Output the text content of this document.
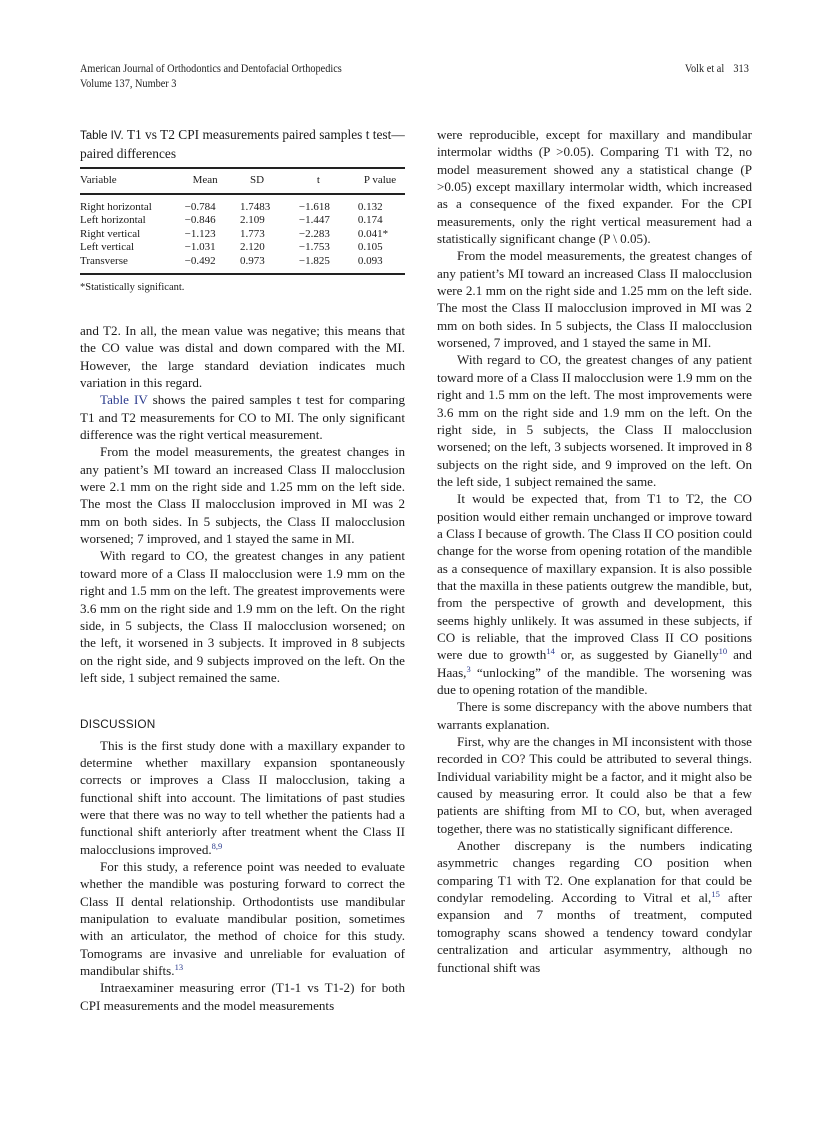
American Journal of Orthodontics and Dentofacial Orthopedics
Volume 137, Number 3
Volk et al 313
Table IV. T1 vs T2 CPI measurements paired samples t test—paired differences
Variable	Mean	SD	t	P value
Right horizontal	−0.784	1.7483	−1.618	0.132
Left horizontal	−0.846	2.109	−1.447	0.174
Right vertical	−1.123	1.773	−2.283	0.041*
Left vertical	−1.031	2.120	−1.753	0.105
Transverse	−0.492	0.973	−1.825	0.093
*Statistically significant.

and T2. In all, the mean value was negative; this means that the CO value was distal and down compared with the MI. However, the large standard deviation indicates much variation in this regard.

Table IV shows the paired samples t test for comparing T1 and T2 measurements for CO to MI. The only significant difference was the right vertical measurement.

From the model measurements, the greatest changes in any patient’s MI toward an increased Class II malocclusion were 2.1 mm on the right side and 1.25 mm on the left side. The most the Class II malocclusion improved in MI was 2 mm on both sides. In 5 subjects, the Class II malocclusion worsened; 7 improved, and 1 stayed the same in MI.

With regard to CO, the greatest changes in any patient toward more of a Class II malocclusion were 1.9 mm on the right and 1.5 mm on the left. The greatest improvements were 3.6 mm on the right side and 1.9 mm on the left. On the right side, in 5 subjects, the Class II malocclusion worsened; on the left, it worsened in 3 subjects. It improved in 8 subjects on the right side, and 9 subjects improved on the left. On the left side, 1 subject remained the same.

DISCUSSION

This is the first study done with a maxillary expander to determine whether maxillary expansion spontaneously corrects or improves a Class II malocclusion, taking a functional shift into account. The limitations of past studies were that there was no way to tell whether the patients had a functional shift anteriorly after treatment whent the Class II malocclusions improved.$^{8,9}$

For this study, a reference point was needed to evaluate whether the mandible was posturing forward to correct the Class II dental relationship. Orthodontists use mandibular manipulation to evaluate mandibular position, sometimes with an articulator, the method of choice for this study. Tomograms are invasive and unreliable for evaluation of mandibular shifts.$^{13}$

Intraexaminer measuring error (T1-1 vs T1-2) for both CPI measurements and the model measurements

were reproducible, except for maxillary and mandibular intermolar widths (P >0.05). Comparing T1 with T2, no model measurement showed any a statistical change (P >0.05) except maxillary intermolar width, which increased as a consequence of the fixed expander. For the CPI measurements, only the right vertical measurement had a statistically significant change (P \ 0.05).

From the model measurements, the greatest changes of any patient’s MI toward an increased Class II malocclusion were 2.1 mm on the right side and 1.25 mm on the left side. The most the Class II malocclusion improved in MI was 2 mm on both sides. In 5 subjects, the Class II malocclusion worsened, 7 improved, and 1 stayed the same in MI.

With regard to CO, the greatest changes of any patient toward more of a Class II malocclusion were 1.9 mm on the right and 1.5 mm on the left. The most improvements were 3.6 mm on the right side and 1.9 mm on the left. On the right side, in 5 subjects, the Class II malocclusion worsened; on the left, 3 subjects worsened. It improved in 8 subjects on the right side, and 9 improved on the left. On the left side, 1 subject remained the same.

It would be expected that, from T1 to T2, the CO position would either remain unchanged or improve toward a Class I because of growth. The Class II CO position could change for the worse from opening rotation of the mandible as a consequence of maxillary expansion. It is also possible that the maxilla in these patients outgrew the mandible, but, from the perspective of growth and development, this seems highly unlikely. It was assumed in these subjects, if CO is reliable, that the improved Class II CO positions were due to growth$^{14}$ or, as suggested by Gianelly$^{10}$ and Haas,$^3$ “unlocking” of the mandible. The worsening was due to opening rotation of the mandible.

There is some discrepancy with the above numbers that warrants explanation.

First, why are the changes in MI inconsistent with those recorded in CO? This could be attributed to several things. Individual variability might be a factor, and it might also be caused by measuring error. It could also be that a few patients are shifting from MI to CO, but, when averaged together, there was no statistically significant difference.

Another discrepany is the numbers indicating asymmetric changes regarding CO position when comparing T1 with T2. One explanation for that could be condylar remodeling. According to Vitral et al,$^{15}$ after expansion and 7 months of treatment, computed tomography scans showed a tendency toward condylar centralization and articular asymmentry, although no functional shift was
